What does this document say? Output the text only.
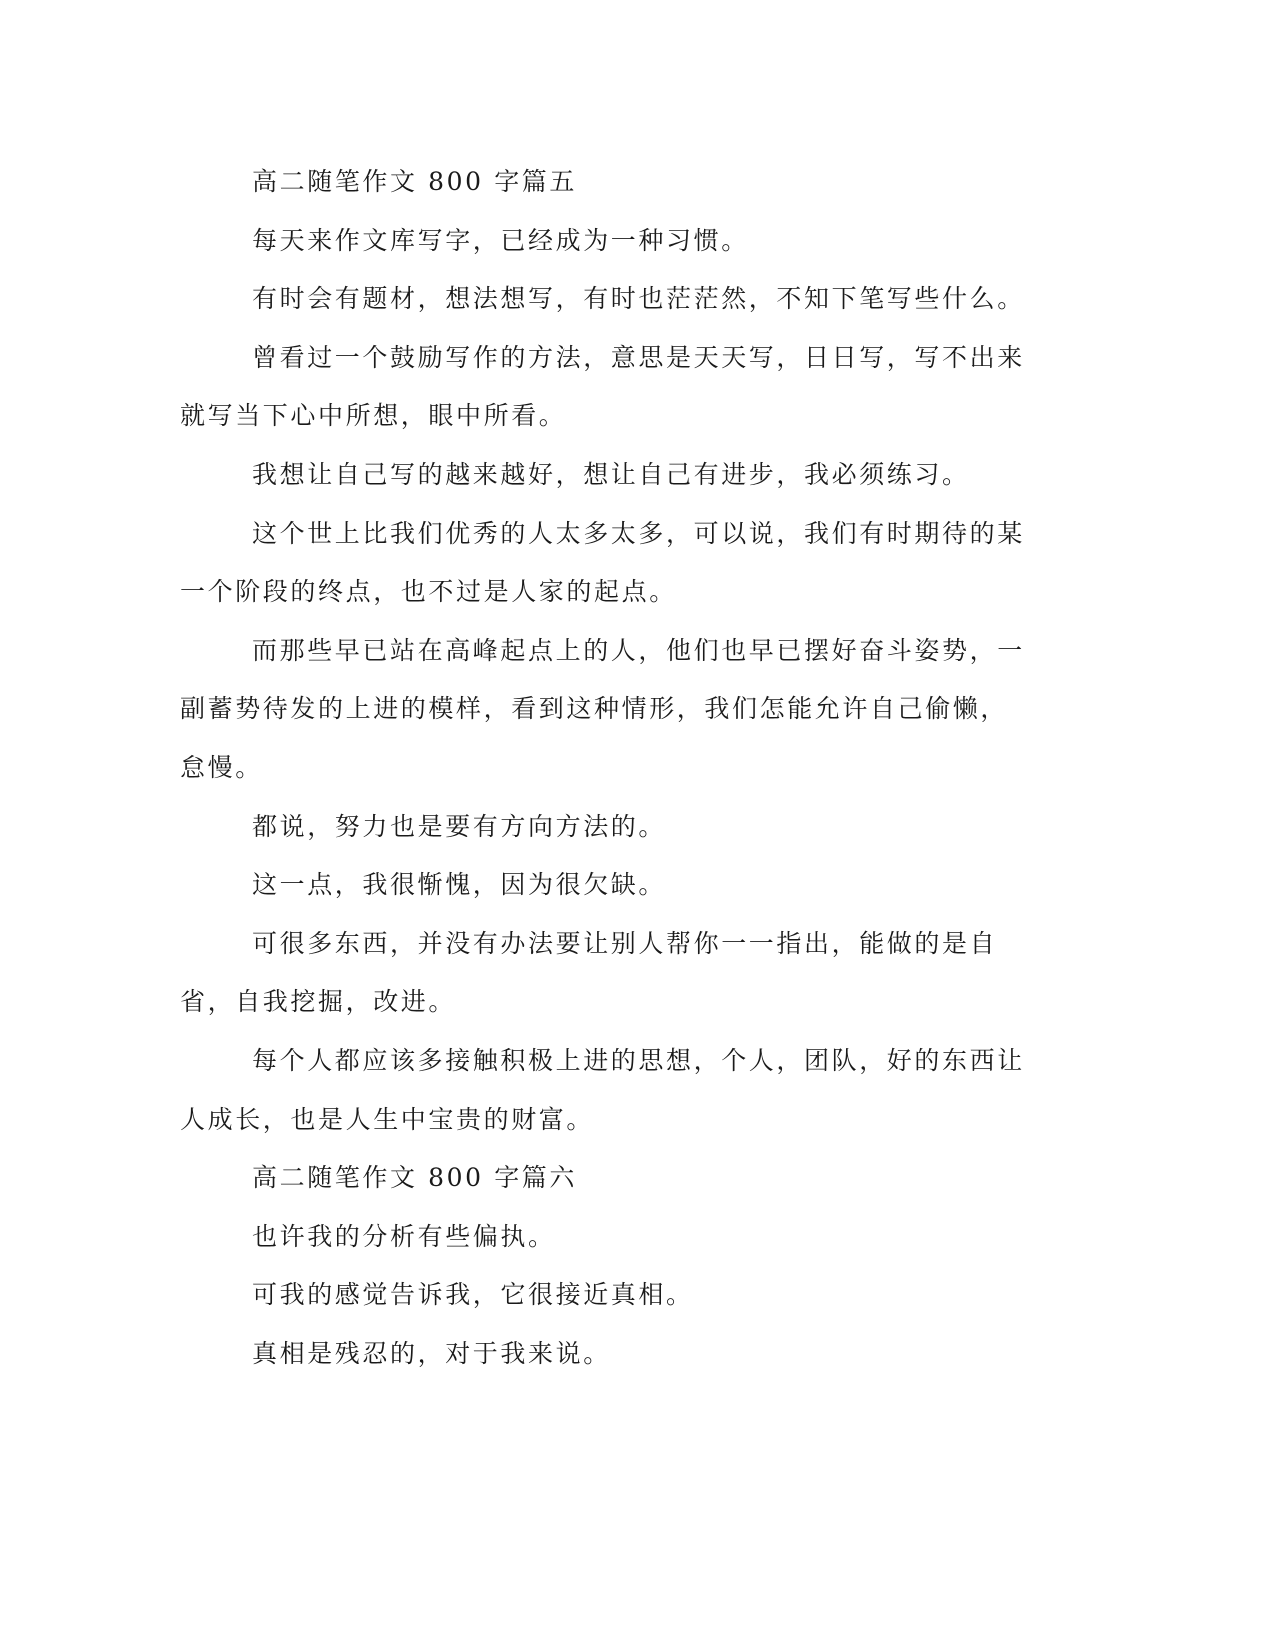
高二随笔作文 800 字篇五

每天来作文库写字，已经成为一种习惯。

有时会有题材，想法想写，有时也茫茫然，不知下笔写些什么。

曾看过一个鼓励写作的方法，意思是天天写，日日写，写不出来就写当下心中所想，眼中所看。

我想让自己写的越来越好，想让自己有进步，我必须练习。

这个世上比我们优秀的人太多太多，可以说，我们有时期待的某一个阶段的终点，也不过是人家的起点。

而那些早已站在高峰起点上的人，他们也早已摆好奋斗姿势，一副蓄势待发的上进的模样，看到这种情形，我们怎能允许自己偷懒，怠慢。

都说，努力也是要有方向方法的。

这一点，我很惭愧，因为很欠缺。

可很多东西，并没有办法要让别人帮你一一指出，能做的是自省，自我挖掘，改进。

每个人都应该多接触积极上进的思想，个人，团队，好的东西让人成长，也是人生中宝贵的财富。

高二随笔作文 800 字篇六

也许我的分析有些偏执。

可我的感觉告诉我，它很接近真相。

真相是残忍的，对于我来说。
